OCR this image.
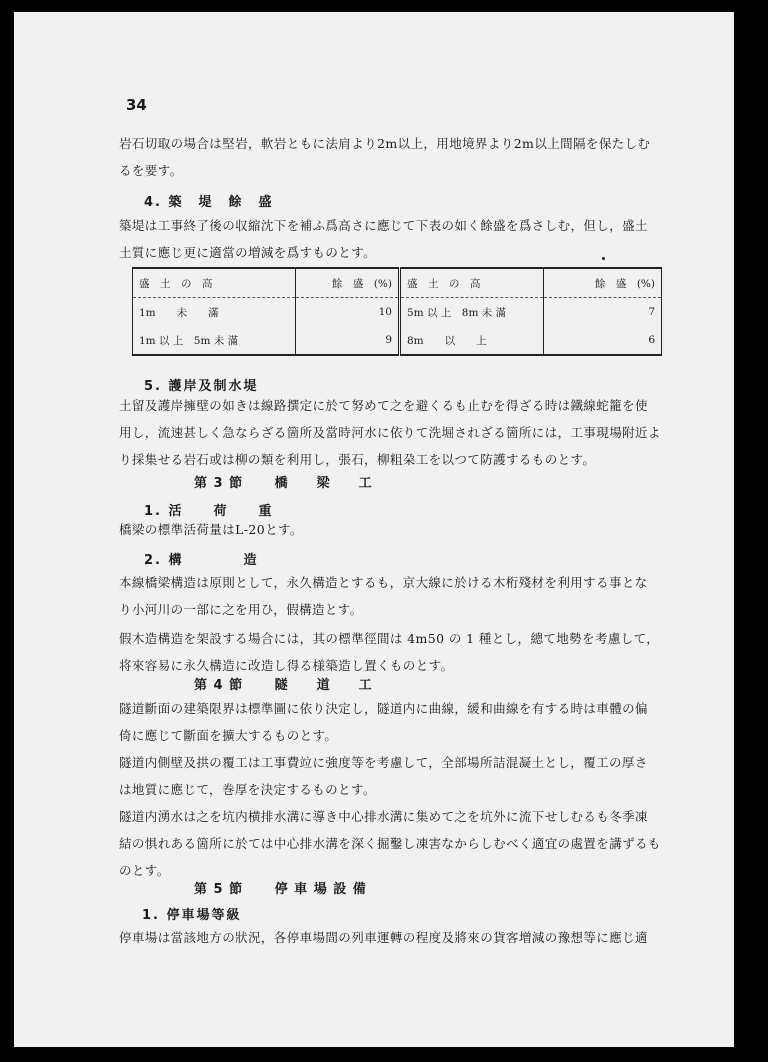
34
岩石切取の場合は堅岩，軟岩ともに法肩より2m以上，用地境界より2m以上間隔を保たしむ
るを要す。
4. 築　堤　餘　盛
築堤は工事終了後の収縮沈下を補ふ爲高さに應じて下表の如く餘盛を爲さしむ，但し，盛土
土質に應じ更に適當の増減を爲すものとす。
盛　土　の　高	餘　盛　(%)	盛　土　の　高	餘　盛　(%)
1m　　未　　滿	10	5m 以 上　8m 未 滿	7
1m 以 上　5m 未 滿	9	8m　　以　　上	6
5. 護岸及制水堤
土留及護岸擁壁の如きは線路撰定に於て努めて之を避くるも止むを得ざる時は鐵線蛇籠を使
用し，流速甚しく急ならざる箇所及當時河水に依りて洗堀されざる箇所には，工事現場附近よ
り採集せる岩石或は柳の類を利用し，張石，柳粗朶工を以つて防護するものとす。
第 3 節 橋　　梁　　工
1. 活　　荷　　重
橋梁の標準活荷量はL-20とす。
2. 構　　　　造
本線橋梁構造は原則として，永久構造とするも，京大線に於ける木桁殘材を利用する事とな
り小河川の一部に之を用ひ，假構造とす。
假木造構造を架設する場合には，其の標準徑間は 4m50 の 1 種とし，總て地勢を考慮して，
将來容易に永久構造に改造し得る様築造し置くものとす。
第 4 節 隧　　道　　工
隧道斷面の建築限界は標準圖に依り決定し，隧道内に曲線，緩和曲線を有する時は車體の偏
倚に應じて斷面を擴大するものとす。
隧道内側壁及拱の覆工は工事費竝に強度等を考慮して，全部場所詰混凝土とし，覆工の厚さ
は地質に應じて，巻厚を決定するものとす。
隧道内湧水は之を坑内横排水溝に導き中心排水溝に集めて之を坑外に流下せしむるも冬季凍
結の惧れある箇所に於ては中心排水溝を深く掘鑿し凍害なからしむべく適宜の處置を講ずるも
のとす。
第 5 節 停 車 場 設 備
1. 停車場等級
停車場は當該地方の狀況，各停車場間の列車運轉の程度及將來の貨客増減の豫想等に應じ適
